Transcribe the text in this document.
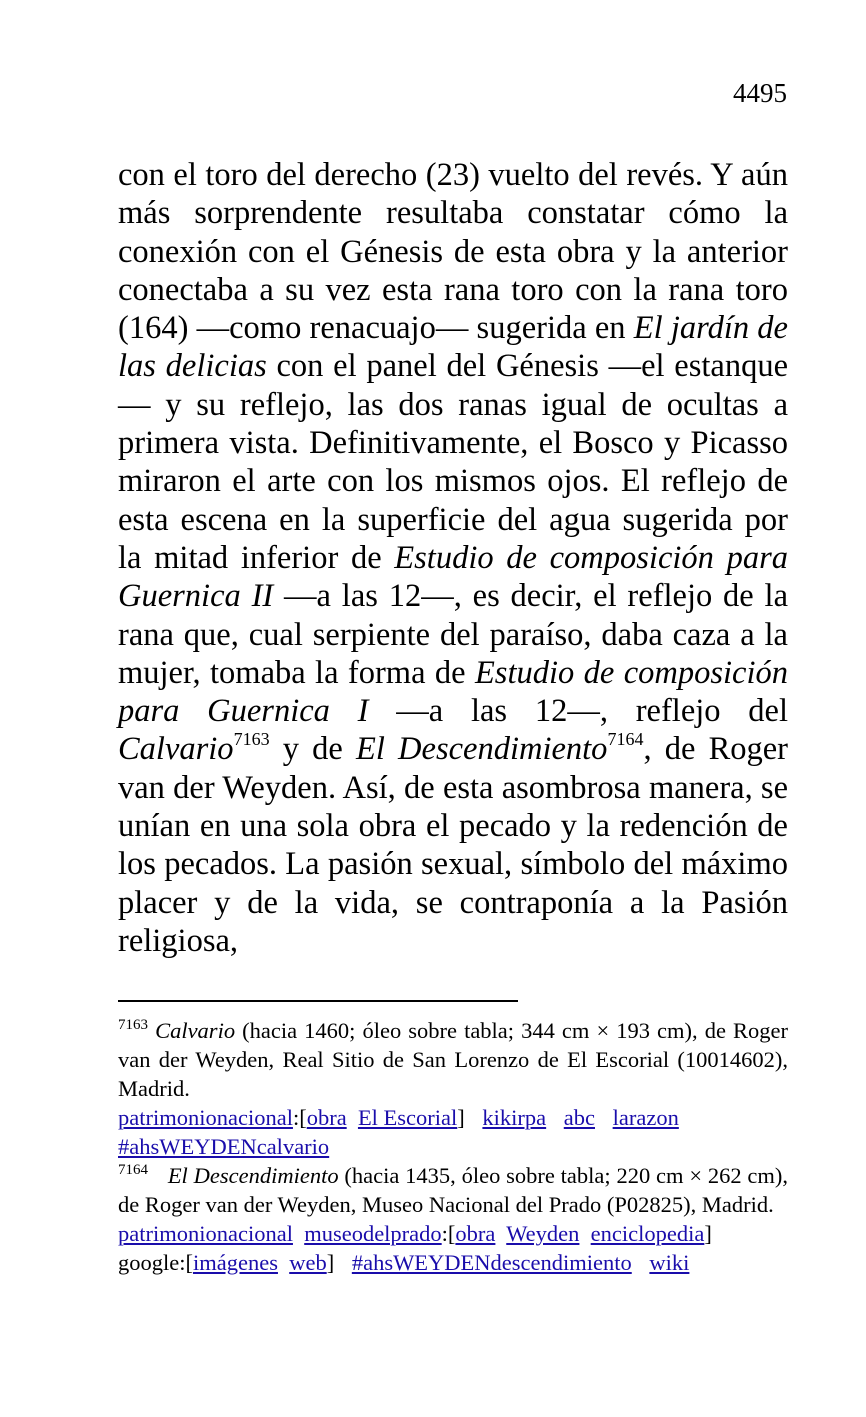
4495

con el toro del derecho (23) vuelto del revés. Y aún más sorprendente resultaba constatar cómo la conexión con el Génesis de esta obra y la anterior conectaba a su vez esta rana toro con la rana toro (164) —como renacuajo— sugerida en El jardín de las delicias con el panel del Génesis —el estanque— y su reflejo, las dos ranas igual de ocultas a primera vista. Definitivamente, el Bosco y Picasso miraron el arte con los mismos ojos. El reflejo de esta escena en la superficie del agua sugerida por la mitad inferior de Estudio de composición para Guernica II —a las 12—, es decir, el reflejo de la rana que, cual serpiente del paraíso, daba caza a la mujer, tomaba la forma de Estudio de composición para Guernica I —a las 12—, reflejo del Calvario$^{7163}$ y de El Descendimiento$^{7164}$, de Roger van der Weyden. Así, de esta asombrosa manera, se unían en una sola obra el pecado y la redención de los pecados. La pasión sexual, símbolo del máximo placer y de la vida, se contraponía a la Pasión religiosa,

$^{7163}$ Calvario (hacia 1460; óleo sobre tabla; 344 cm × 193 cm), de Roger van der Weyden, Real Sitio de San Lorenzo de El Escorial (10014602), Madrid.

patrimonionacional:[obra El Escorial] kikirpa abc larazon
#ahsWEYDENcalvario

$^{7164}$ El Descendimiento (hacia 1435, óleo sobre tabla; 220 cm × 262 cm), de Roger van der Weyden, Museo Nacional del Prado (P02825), Madrid.

patrimonionacional museodelprado:[obra Weyden enciclopedia]
google:[imágenes web] #ahsWEYDENdescendimiento wiki
